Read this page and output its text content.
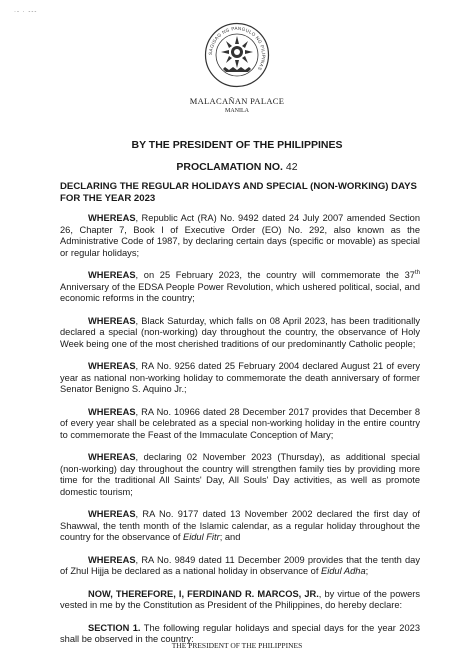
·‐ · ---
SAGISAG NG PANGULO NG PILIPINAS
MALACAÑAN PALACE
MANILA
BY THE PRESIDENT OF THE PHILIPPINES
PROCLAMATION NO. 42
DECLARING THE REGULAR HOLIDAYS AND SPECIAL (NON-WORKING) DAYS FOR THE YEAR 2023

WHEREAS, Republic Act (RA) No. 9492 dated 24 July 2007 amended Section 26, Chapter 7, Book I of Executive Order (EO) No. 292, also known as the Administrative Code of 1987, by declaring certain days (specific or movable) as special or regular holidays;

WHEREAS, on 25 February 2023, the country will commemorate the 37th Anniversary of the EDSA People Power Revolution, which ushered political, social, and economic reforms in the country;

WHEREAS, Black Saturday, which falls on 08 April 2023, has been traditionally declared a special (non-working) day throughout the country, the observance of Holy Week being one of the most cherished traditions of our predominantly Catholic people;

WHEREAS, RA No. 9256 dated 25 February 2004 declared August 21 of every year as national non-working holiday to commemorate the death anniversary of former Senator Benigno S. Aquino Jr.;

WHEREAS, RA No. 10966 dated 28 December 2017 provides that December 8 of every year shall be celebrated as a special non-working holiday in the entire country to commemorate the Feast of the Immaculate Conception of Mary;

WHEREAS, declaring 02 November 2023 (Thursday), as additional special (non-working) day throughout the country will strengthen family ties by providing more time for the traditional All Saints' Day, All Souls' Day activities, as well as promote domestic tourism;

WHEREAS, RA No. 9177 dated 13 November 2002 declared the first day of Shawwal, the tenth month of the Islamic calendar, as a regular holiday throughout the country for the observance of Eidul Fitr; and

WHEREAS, RA No. 9849 dated 11 December 2009 provides that the tenth day of Zhul Hijja be declared as a national holiday in observance of Eidul Adha;

NOW, THEREFORE, I, FERDINAND R. MARCOS, JR., by virtue of the powers vested in me by the Constitution as President of the Philippines, do hereby declare:

SECTION 1. The following regular holidays and special days for the year 2023 shall be observed in the country:

THE PRESIDENT OF THE PHILIPPINES
